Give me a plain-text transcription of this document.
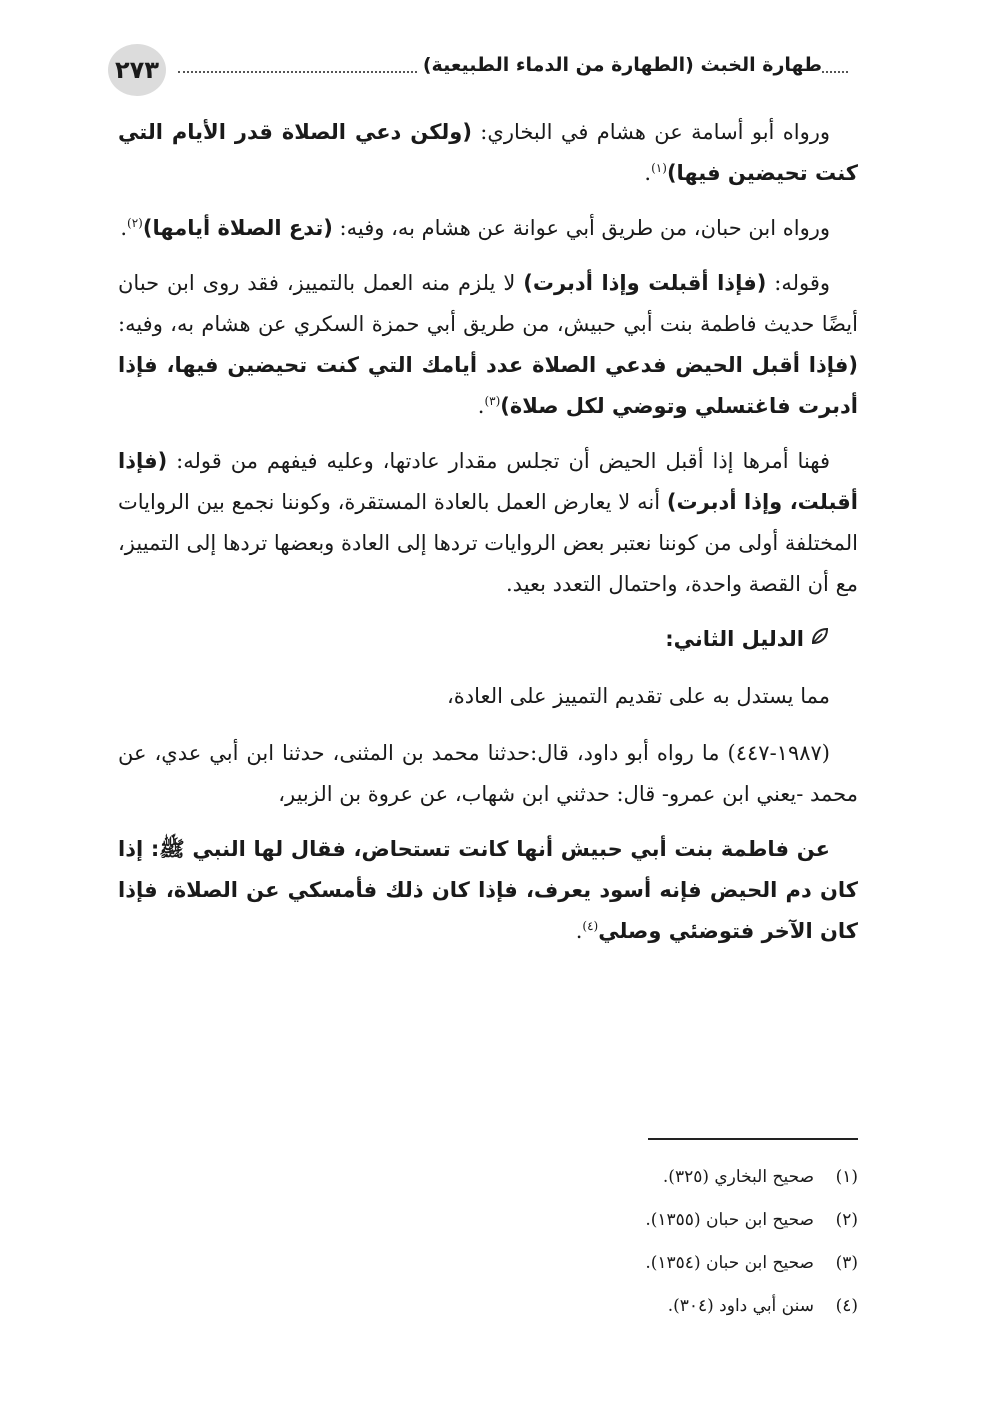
٢٧٣	طهارة الخبث (الطهارة من الدماء الطبيعية)

ورواه أبو أسامة عن هشام في البخاري: (ولكن دعي الصلاة قدر الأيام التي كنت تحيضين فيها)$^{(١)}$.

ورواه ابن حبان، من طريق أبي عوانة عن هشام به، وفيه: (تدع الصلاة أيامها)$^{(٢)}$.

وقوله: (فإذا أقبلت وإذا أدبرت) لا يلزم منه العمل بالتمييز، فقد روى ابن حبان أيضًا حديث فاطمة بنت أبي حبيش، من طريق أبي حمزة السكري عن هشام به، وفيه: (فإذا أقبل الحيض فدعي الصلاة عدد أيامك التي كنت تحيضين فيها، فإذا أدبرت فاغتسلي وتوضي لكل صلاة)$^{(٣)}$.

فهنا أمرها إذا أقبل الحيض أن تجلس مقدار عادتها، وعليه فيفهم من قوله: (فإذا أقبلت، وإذا أدبرت) أنه لا يعارض العمل بالعادة المستقرة، وكوننا نجمع بين الروايات المختلفة أولى من كوننا نعتبر بعض الروايات تردها إلى العادة وبعضها تردها إلى التمييز، مع أن القصة واحدة، واحتمال التعدد بعيد.

الدليل الثاني:

مما يستدل به على تقديم التمييز على العادة،

(١٩٨٧-٤٤٧) ما رواه أبو داود، قال:حدثنا محمد بن المثنى، حدثنا ابن أبي عدي، عن محمد -يعني ابن عمرو- قال: حدثني ابن شهاب، عن عروة بن الزبير،

عن فاطمة بنت أبي حبيش أنها كانت تستحاض، فقال لها النبي ﷺ: إذا كان دم الحيض فإنه أسود يعرف، فإذا كان ذلك فأمسكي عن الصلاة، فإذا كان الآخر فتوضئي وصلي$^{(٤)}$.

(١)
صحيح البخاري (٣٢٥).
(٢)
صحيح ابن حبان (١٣٥٥).
(٣)
صحيح ابن حبان (١٣٥٤).
(٤)
سنن أبي داود (٣٠٤).
